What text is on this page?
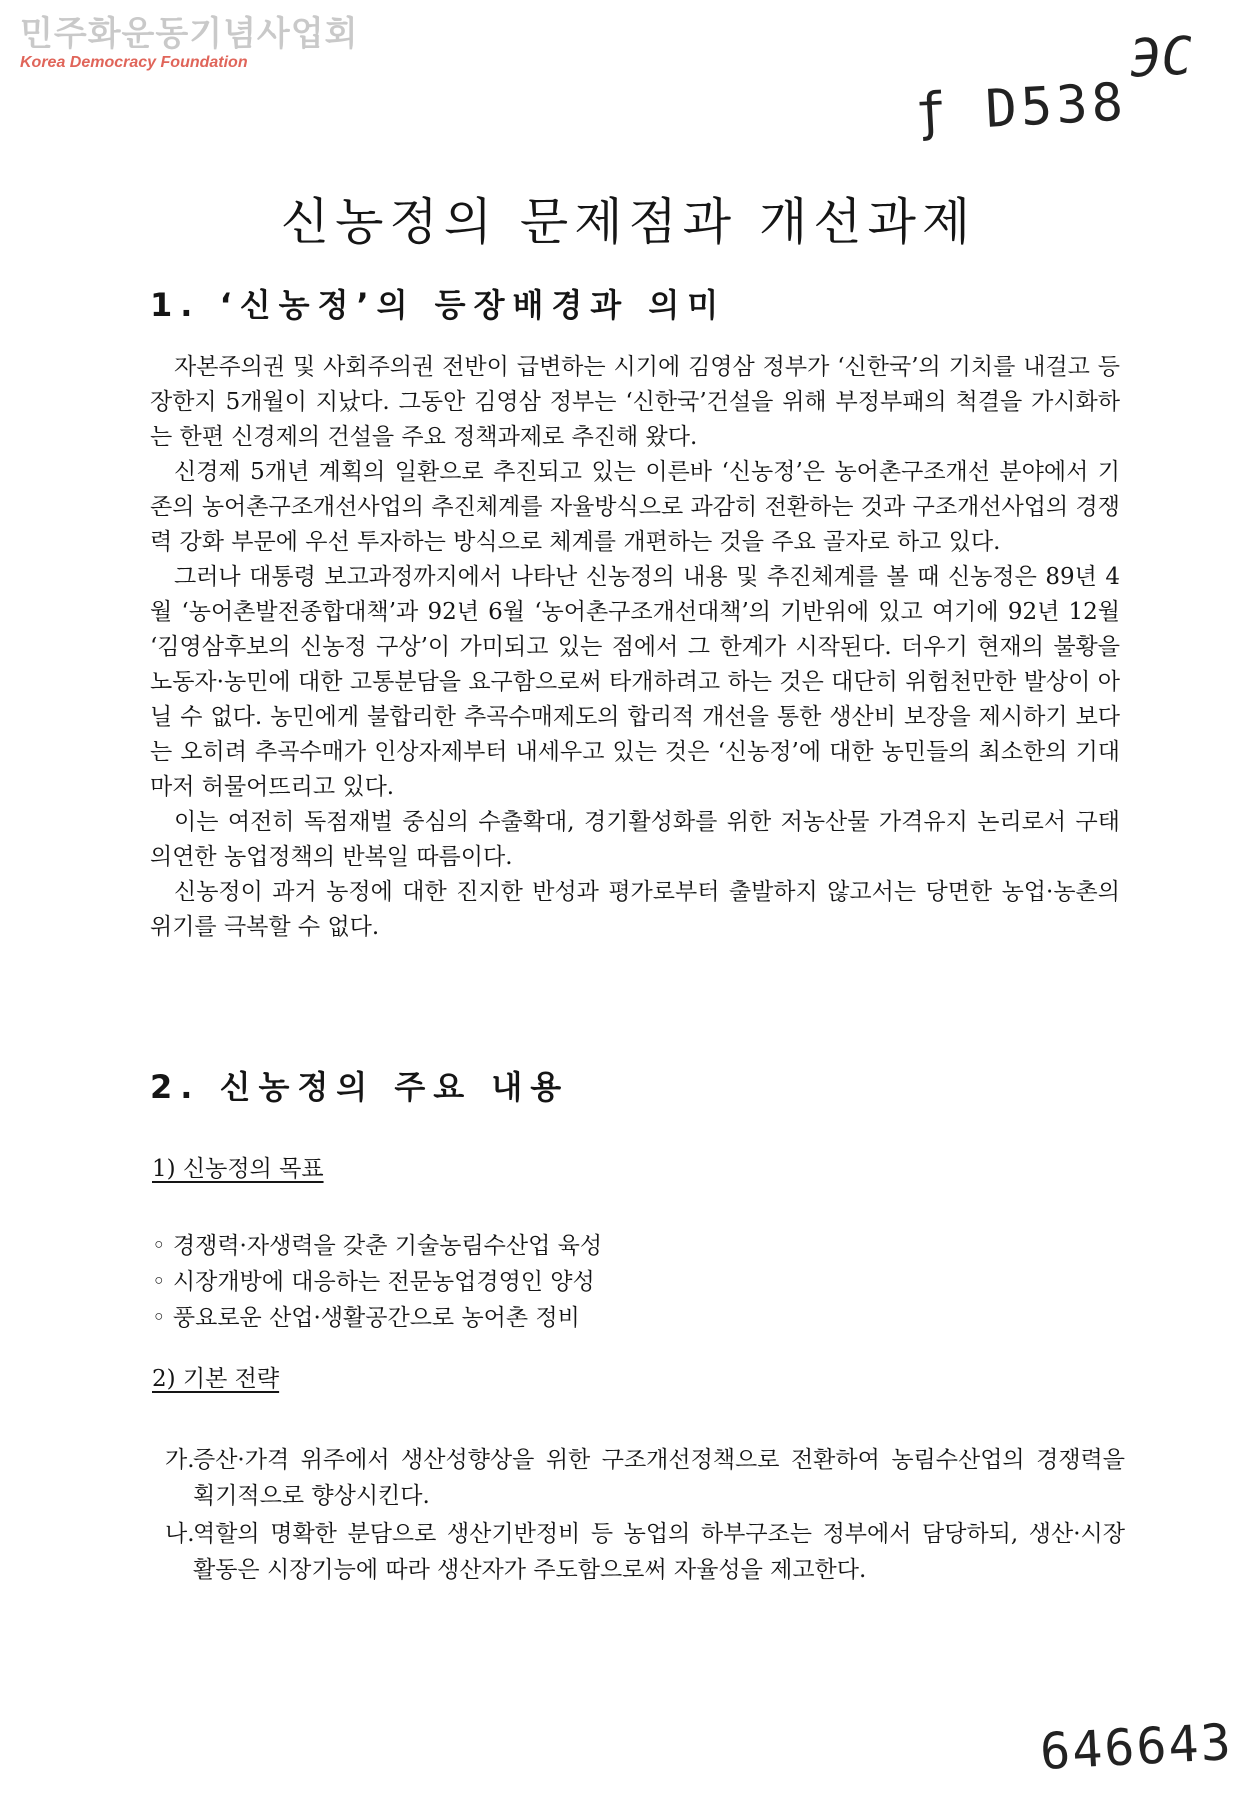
민주화운동기념사업회
Korea Democracy Foundation	ЭC
ƒ D538
646643
신농정의 문제점과 개선과제
1. ‘신농정’의 등장배경과 의미

자본주의권 및 사회주의권 전반이 급변하는 시기에 김영삼 정부가 ‘신한국’의 기치를 내걸고 등장한지 5개월이 지났다. 그동안 김영삼 정부는 ‘신한국’건설을 위해 부정부패의 척결을 가시화하는 한편 신경제의 건설을 주요 정책과제로 추진해 왔다.

신경제 5개년 계획의 일환으로 추진되고 있는 이른바 ‘신농정’은 농어촌구조개선 분야에서 기존의 농어촌구조개선사업의 추진체계를 자율방식으로 과감히 전환하는 것과 구조개선사업의 경쟁력 강화 부문에 우선 투자하는 방식으로 체계를 개편하는 것을 주요 골자로 하고 있다.

그러나 대통령 보고과정까지에서 나타난 신농정의 내용 및 추진체계를 볼 때 신농정은 89년 4월 ‘농어촌발전종합대책’과 92년 6월 ‘농어촌구조개선대책’의 기반위에 있고 여기에 92년 12월 ‘김영삼후보의 신농정 구상’이 가미되고 있는 점에서 그 한계가 시작된다. 더우기 현재의 불황을 노동자·농민에 대한 고통분담을 요구함으로써 타개하려고 하는 것은 대단히 위험천만한 발상이 아닐 수 없다. 농민에게 불합리한 추곡수매제도의 합리적 개선을 통한 생산비 보장을 제시하기 보다는 오히려 추곡수매가 인상자제부터 내세우고 있는 것은 ‘신농정’에 대한 농민들의 최소한의 기대마저 허물어뜨리고 있다.

이는 여전히 독점재벌 중심의 수출확대, 경기활성화를 위한 저농산물 가격유지 논리로서 구태의연한 농업정책의 반복일 따름이다.

신농정이 과거 농정에 대한 진지한 반성과 평가로부터 출발하지 않고서는 당면한 농업·농촌의 위기를 극복할 수 없다.

2. 신농정의 주요 내용
1) 신농정의 목표
◦ 경쟁력·자생력을 갖춘 기술농림수산업 육성
◦ 시장개방에 대응하는 전문농업경영인 양성
◦ 풍요로운 산업·생활공간으로 농어촌 정비
2) 기본 전략
가.
증산·가격 위주에서 생산성향상을 위한 구조개선정책으로 전환하여 농림수산업의 경쟁력을 획기적으로 향상시킨다.
나.
역할의 명확한 분담으로 생산기반정비 등 농업의 하부구조는 정부에서 담당하되, 생산·시장 활동은 시장기능에 따라 생산자가 주도함으로써 자율성을 제고한다.
